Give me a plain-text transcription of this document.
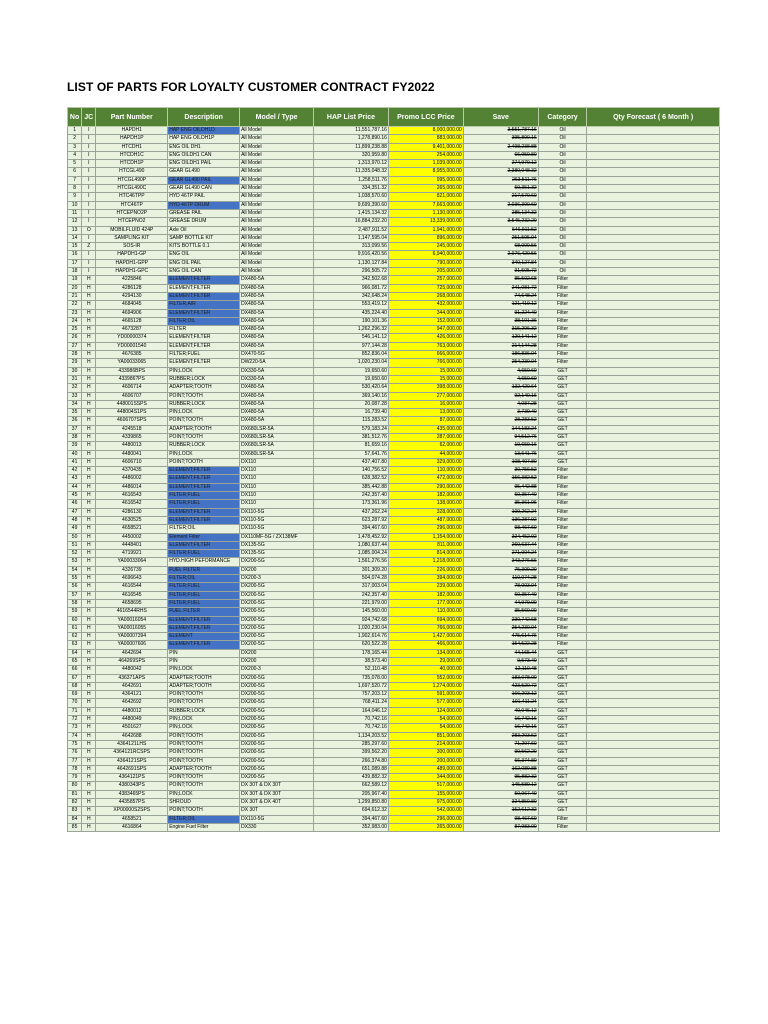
LIST OF PARTS FOR LOYALTY CUSTOMER CONTRACT FY2022
No	JC	Part Number	Description	Model / Type	HAP List Price	Promo LCC Price	Save	Category	Qty Forecast ( 6 Month )
1	I	HAPDH1	HAP ENG OILDH1D	All Model	11,551,787.16	8,000,000.00	3,551,787.16	Oil	
2	I	HAPDH1P	HAP ENG OILDH1P	All Model	1,278,890.16	883,000.00	395,890.16	Oil	
3	I	HTCDH1	ENG OIL DH1	All Model	11,899,238.88	9,401,000.00	2,498,238.88	Oil	
4	I	HTCDH1C	ENG OILDH1 CAN	All Model	320,959.80	254,000.00	66,959.80	Oil	
5	I	HTCDH1P	ENG OILDH1 PAIL	All Model	1,313,970.12	1,039,000.00	274,970.12	Oil	
6	I	HTCGL490	GEAR GL490	All Model	11,335,048.32	8,955,000.00	2,380,048.32	Oil	
7	I	HTCGL490P	GEAR GL490 PAIL	All Model	1,258,511.76	995,000.00	263,511.76	Oil	
8	I	HTCGL490C	GEAR GL490 CAN	All Model	334,351.32	265,000.00	69,351.32	Oil	
9	I	HTC46TPP	HYD 46TP PAIL	All Model	1,038,570.60	821,000.00	217,570.60	Oil	
10	I	HTC46TP	HYD 46TP DRUM	All Model	9,699,390.60	7,663,000.00	2,036,390.60	Oil	
11	I	HTCEPNO2P	GREASE PAIL	All Model	1,415,134.32	1,130,000.00	285,134.32	Oil	
12	I	HTCEPNO2	GREASE DRUM	All Model	16,884,232.20	13,339,000.00	3,545,232.20	Oil	
13	O	MOBILFLUID 424P	Axle Oil	All Model	2,487,911.52	1,941,000.00	546,911.52	Oil	
14	I	SAMPLING KIT	SAMP BOTTLE KIT	All Model	1,147,595.04	896,000.00	251,595.04	Oil	
15	Z	SOS-IR	KITS BOTTLE 0.1	All Model	313,099.56	245,000.00	68,099.56	Oil	
16	I	HAPDH1-GP	ENG OIL	All Model	9,916,420.56	6,940,000.00	2,976,420.56	Oil	
17	I	HAPDH1-GPP	ENG OIL PAIL	All Model	1,130,127.84	790,000.00	340,127.84	Oil	
18	I	HAPDH1-GPC	ENG OIL CAN	All Model	296,505.72	205,000.00	91,505.72	Oil	
19	H	4225846	ELEMENT;FILTER	DX480-5A	342,502.68	257,000.00	85,502.68	Filter	
20	H	4286128	ELEMENT;FILTER	DX480-5A	966,081.72	725,000.00	241,081.72	Filter	
21	H	4294130	ELEMENT;FILTER	DX480-5A	342,648.24	268,000.00	74,648.24	Filter	
22	H	4684045	FILTER;AIR	DX480-5A	553,419.12	432,000.00	121,419.12	Filter	
23	H	4694906	ELEMENT;FILTER	DX480-5A	435,224.40	344,000.00	91,224.40	Filter	
24	H	4665128	FILTER;OIL	DX480-5A	190,101.36	152,000.00	38,101.36	Filter	
25	H	4673287	FILTER	DX480-5A	1,262,296.32	947,000.00	315,296.32	Filter	
26	H	YD00000374	ELEMENT;FILTER	DX480-5A	546,141.12	426,000.00	120,141.12	Filter	
27	H	YD00001540	ELEMENT;FILTER	DX480-5A	977,144.28	763,000.00	214,144.28	Filter	
28	H	4676385	FILTER;FUEL	DX470-5G	852,836.04	666,000.00	186,836.04	Filter	
29	H	YA00033065	ELEMENT;FILTER	DW220-5A	1,020,230.04	766,000.00	254,230.04	Filter	
30	H	433986BPS	PIN;LOCK	DX330-5A	19,650.60	15,000.00	4,650.60	GET	
31	H	433986?PS	RUBBER;LOCK	DX330-5A	19,650.60	15,000.00	4,650.60	GET	
32	H	4606714	ADAPTER;TOOTH	DX480-5A	530,420.64	398,000.00	132,420.64	GET	
33	H	4606707	POINT;TOOTH	DX480-5A	369,140.16	277,000.00	92,140.16	GET	
34	H	448001SSPS	RUBBER;LOCK	DX480-5A	20,087.28	16,000.00	4,087.28	GET	
35	H	448004S1PS	PIN;LOCK	DX480-5A	16,739.40	13,000.00	3,739.40	GET	
36	H	4606707SPS	POINT;TOOTH	DX480-5A	115,283.52	87,000.00	28,283.52	GET	
37	H	4245518	ADAPTER;TOOTH	DX680LSR-5A	579,183.24	435,000.00	144,183.24	GET	
38	H	4339865	POINT;TOOTH	DX680LSR-5A	381,512.76	287,000.00	94,512.76	GET	
39	H	4480013	RUBBER;LOCK	DX680LSR-5A	81,659.16	62,000.00	19,659.16	GET	
40	H	4480041	PIN;LOCK	DX680LSR-5A	57,641.76	44,000.00	13,641.76	GET	
41	H	4606710	POINT;TOOTH	DX110	437,407.80	329,000.00	108,407.80	GET	
42	H	4370435	ELEMENT;FILTER	DX110	140,756.52	110,000.00	30,756.52	Filter	
43	H	4486002	ELEMENT;FILTER	DX110	628,382.52	472,000.00	156,382.52	Filter	
44	H	4486014	ELEMENT;FILTER	DX110	385,442.88	290,000.00	95,442.88	Filter	
45	H	4616543	FILTER;FUEL	DX110	242,357.40	182,000.00	60,357.40	Filter	
46	H	4616542	FILTER;FUEL	DX110	173,361.96	138,000.00	35,361.96	Filter	
47	H	4286130	ELEMENT;FILTER	DX110-5G	437,262.24	328,000.00	109,262.24	Filter	
48	H	4630525	ELEMENT;FILTER	DX110-5G	623,287.92	487,000.00	136,287.92	Filter	
49	H	4658521	FILTER;OIL	DX110-5G	394,467.60	296,000.00	98,467.60	Filter	
50	H	4450002	Element Filter	DX110MF-5G / ZX138MF	1,478,452.92	1,154,000.00	324,452.92	Filter	
51	H	4448401	ELEMENT;FILTER	DX135-5G	1,080,637.44	811,000.00	269,637.44	Filter	
52	H	4719921	FILTER;FUEL	DX135-5G	1,085,004.24	814,000.00	271,004.24	Filter	
53	H	YA00033064	HYD.HIGH PEFORMANCE	DX200-5G	1,561,276.56	1,218,000.00	343,276.56	Filter	
54	H	4326739	FUEL FILTER	DX200	301,309.20	226,000.00	75,309.20	Filter	
55	H	4696643	FILTER;OIL	DX200-3	504,074.28	394,000.00	110,074.28	Filter	
56	H	4616544	FILTER;FUEL	DX200-5G	317,003.04	239,000.00	78,003.04	Filter	
57	H	4616545	FILTER;FUEL	DX200-5G	242,357.40	182,000.00	60,357.40	Filter	
58	H	4658695	FILTER;FUEL	DX200-5G	221,979.00	177,000.00	44,979.00	Filter	
59	H	4616544RHS	FUEL FILTER	DX200-5G	145,560.00	110,000.00	35,560.00	Filter	
60	H	YA00016054	ELEMENT;FILTER	DX200-5G	924,742.68	694,000.00	230,742.68	Filter	
61	H	YA00016055	ELEMENT;FILTER	DX200-5G	1,020,230.04	766,000.00	254,230.04	Filter	
62	H	YA00007394	ELEMENT	DX200-5G	1,902,614.76	1,427,000.00	475,614.76	Filter	
63	H	YA00007606	ELEMENT;FILTER	DX200-5G	620,522.28	466,000.00	154,522.28	Filter	
64	H	4642694	PIN	DX200	178,165.44	134,000.00	44,165.44	GET	
65	H	464269SPS	PIN	DX200	38,573.40	29,000.00	9,573.40	GET	
66	H	4480042	PIN;LOCK	DX200-3	52,110.48	40,000.00	12,110.48	GET	
67	H	436371APS	ADAPTER;TOOTH	DX200-5G	735,078.00	552,000.00	183,078.00	GET	
68	H	4642691	ADAPTER;TOOTH	DX200-5G	1,697,520.72	1,274,000.00	423,520.72	GET	
69	H	4364121	POINT;TOOTH	DX200-5G	757,203.12	591,000.00	166,203.12	GET	
70	H	4642692	POINT;TOOTH	DX200-5G	768,411.24	577,000.00	191,411.24	GET	
71	H	4480012	RUBBER;LOCK	DX200-5G	164,046.12	124,000.00	40,046.12	GET	
72	H	4480049	PIN;LOCK	DX200-5G	70,742.16	54,000.00	16,742.16	GET	
73	H	4501627	PIN;LOCK	DX200-5G	70,742.16	54,000.00	16,742.16	GET	
74	H	4642688	POINT;TOOTH	DX200-5G	1,134,203.52	851,000.00	283,203.52	GET	
75	H	4364121LHS	POINT;TOOTH	DX200-5G	285,297.60	214,000.00	71,297.60	GET	
76	H	4364121RCSPS	POINT;TOOTH	DX200-5G	399,562.20	300,000.00	99,562.20	GET	
77	H	4364121SPS	POINT;TOOTH	DX200-5G	266,374.80	200,000.00	66,374.80	GET	
78	H	4642691SPS	ADAPTER;TOOTH	DX200-5G	651,089.88	489,000.00	162,089.88	GET	
79	H	4364121PS	POINT;TOOTH	DX200-5G	439,882.32	344,000.00	95,882.32	GET	
80	H	4380343PS	POINT;TOOTH	DX 30T & DX 30T	662,589.12	517,000.00	145,589.12	GET	
81	H	4383465PS	PIN;LOCK	DX 30T & DX 30T	205,967.40	155,000.00	50,967.40	GET	
82	H	4435857PS	SHROUD	DX 30T & DX 40T	1,299,850.80	975,000.00	324,850.80	GET	
83	H	XP00000S2SPS	POINT;TOOTH	DX 30T	694,612.32	542,000.00	152,612.32	GET	
84	H	4658521	FILTER;OIL	DX110-5G	394,467.60	296,000.00	98,467.60	Filter	
85	H	4616864	Engine Fuel Filter	DX330	352,983.00	265,000.00	87,983.00	Filter	
